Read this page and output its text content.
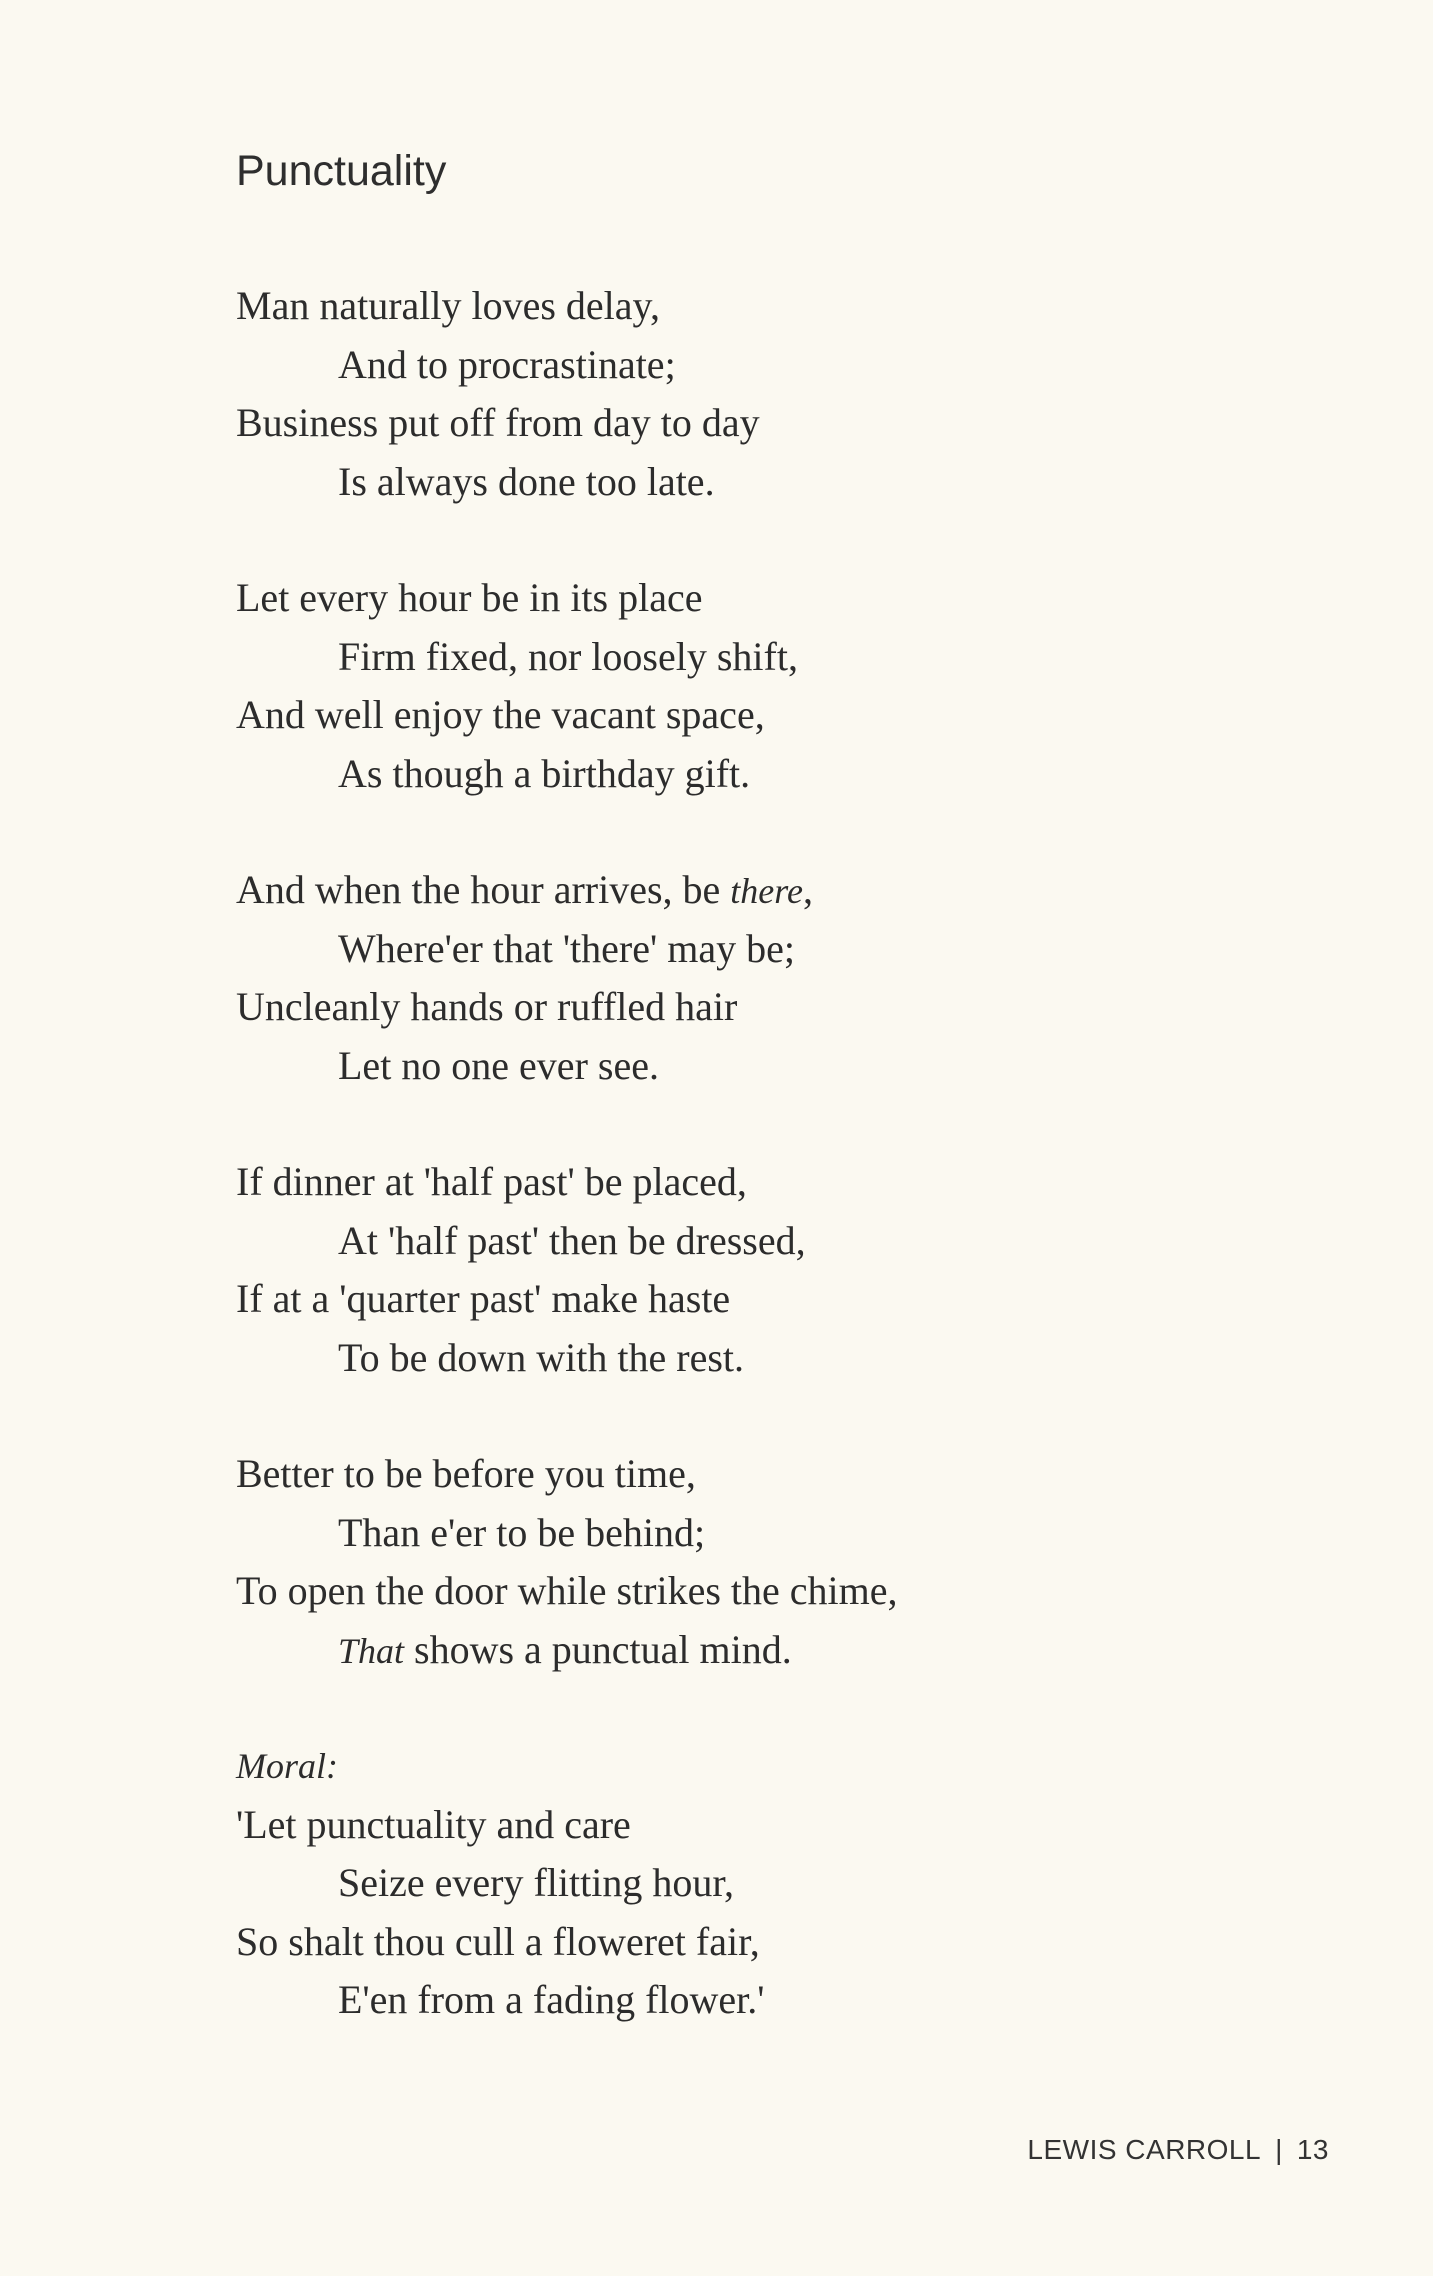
Punctuality
Man naturally loves delay,
And to procrastinate;
Business put off from day to day
Is always done too late.
Let every hour be in its place
Firm fixed, nor loosely shift,
And well enjoy the vacant space,
As though a birthday gift.
And when the hour arrives, be there,
Where'er that 'there' may be;
Uncleanly hands or ruffled hair
Let no one ever see.
If dinner at 'half past' be placed,
At 'half past' then be dressed,
If at a 'quarter past' make haste
To be down with the rest.
Better to be before you time,
Than e'er to be behind;
To open the door while strikes the chime,
That shows a punctual mind.
Moral:
'Let punctuality and care
Seize every flitting hour,
So shalt thou cull a floweret fair,
E'en from a fading flower.'
LEWIS CARROLL | 13
